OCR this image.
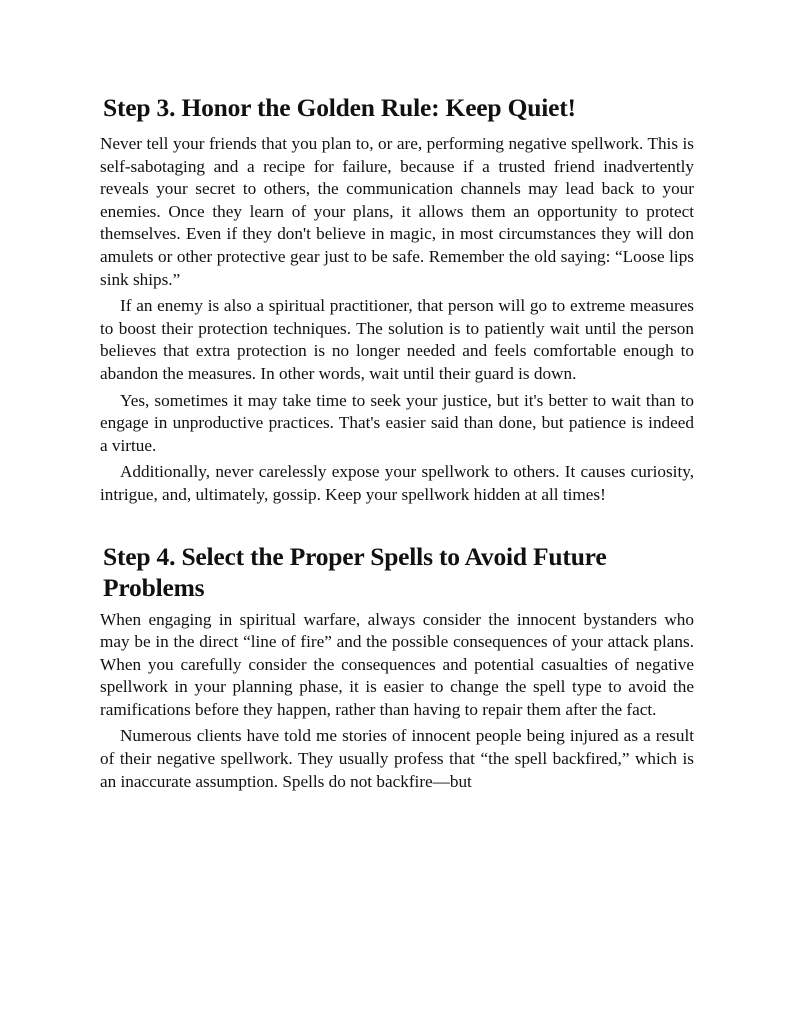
Step 3. Honor the Golden Rule: Keep Quiet!

Never tell your friends that you plan to, or are, performing negative spellwork. This is self-sabotaging and a recipe for failure, because if a trusted friend inadvertently reveals your secret to others, the communication channels may lead back to your enemies. Once they learn of your plans, it allows them an opportunity to protect themselves. Even if they don't believe in magic, in most circumstances they will don amulets or other protective gear just to be safe. Remember the old saying: “Loose lips sink ships.”

If an enemy is also a spiritual practitioner, that person will go to extreme measures to boost their protection techniques. The solution is to patiently wait until the person believes that extra protection is no longer needed and feels comfortable enough to abandon the measures. In other words, wait until their guard is down.

Yes, sometimes it may take time to seek your justice, but it's better to wait than to engage in unproductive practices. That's easier said than done, but patience is indeed a virtue.

Additionally, never carelessly expose your spellwork to others. It causes curiosity, intrigue, and, ultimately, gossip. Keep your spellwork hidden at all times!

Step 4. Select the Proper Spells to Avoid Future Problems

When engaging in spiritual warfare, always consider the innocent bystanders who may be in the direct “line of fire” and the possible consequences of your attack plans. When you carefully consider the consequences and potential casualties of negative spellwork in your planning phase, it is easier to change the spell type to avoid the ramifications before they happen, rather than having to repair them after the fact.

Numerous clients have told me stories of innocent people being injured as a result of their negative spellwork. They usually profess that “the spell backfired,” which is an inaccurate assumption. Spells do not backfire—but
